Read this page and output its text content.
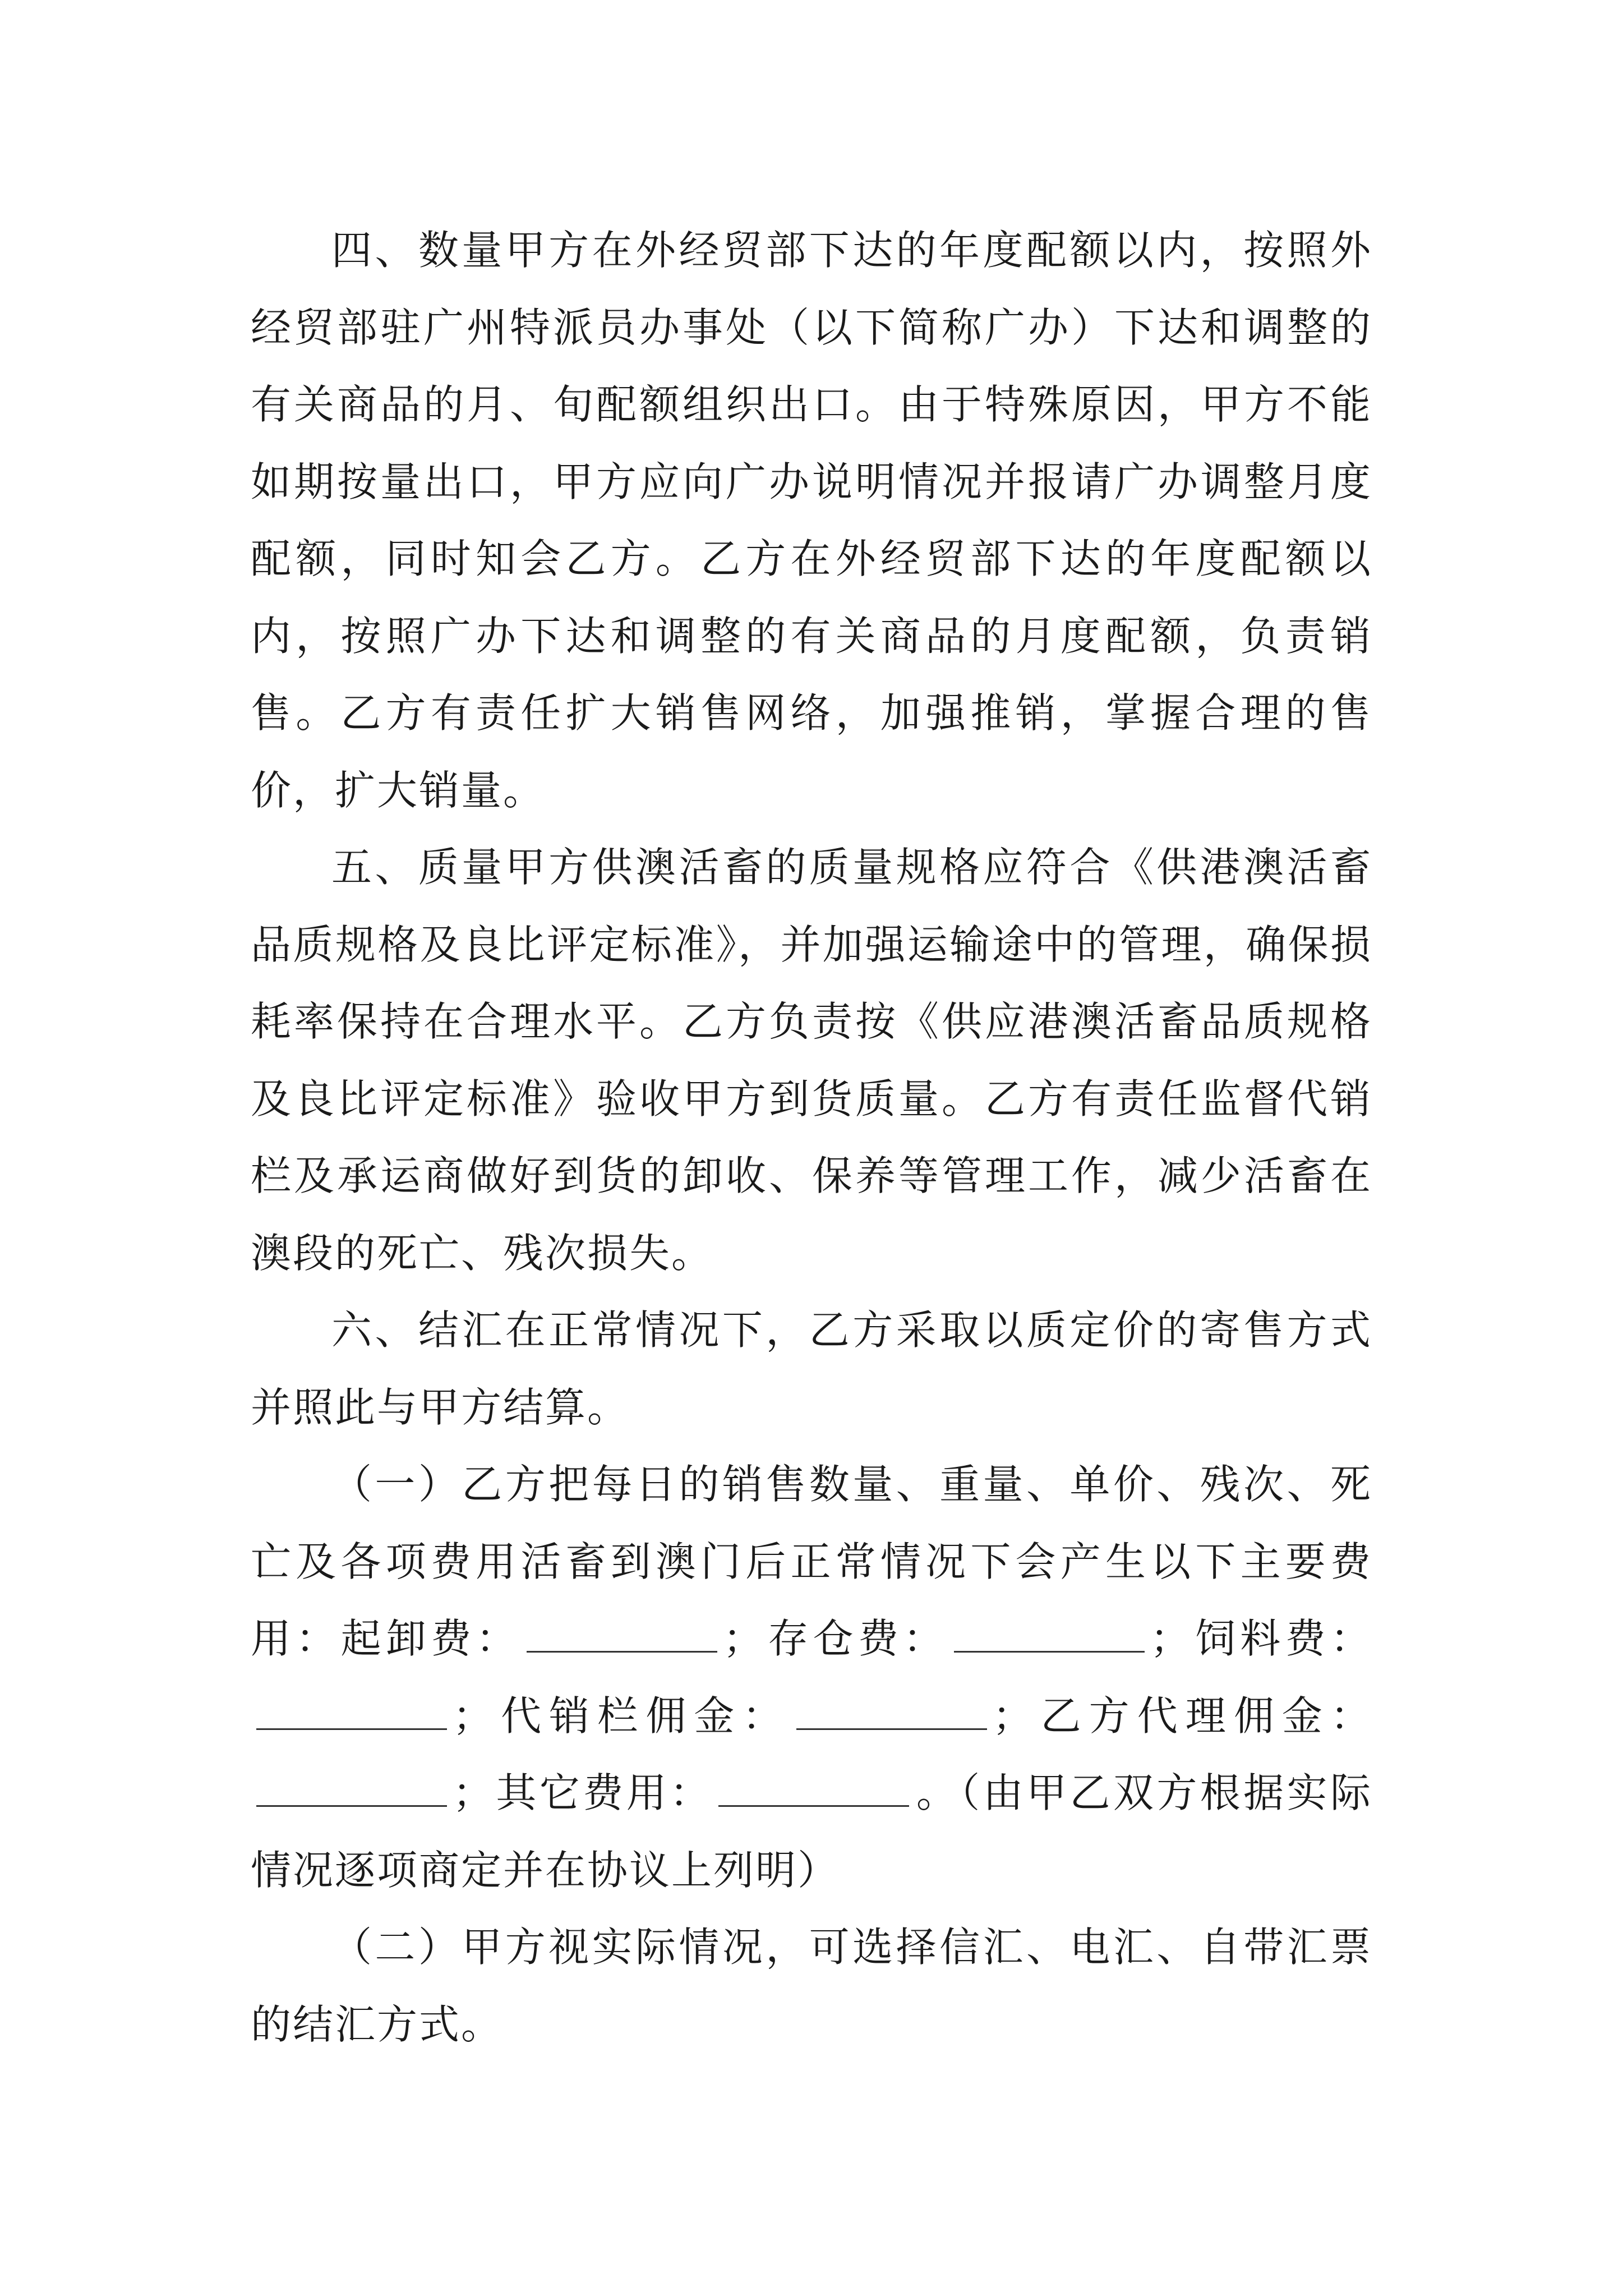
四、数量甲方在外经贸部下达的年度配额以内，按照外经贸部驻广州特派员办事处（以下简称广办）下达和调整的有关商品的月、旬配额组织出口。由于特殊原因，甲方不能如期按量出口，甲方应向广办说明情况并报请广办调整月度配额，同时知会乙方。乙方在外经贸部下达的年度配额以内，按照广办下达和调整的有关商品的月度配额，负责销售。乙方有责任扩大销售网络，加强推销，掌握合理的售价，扩大销量。

五、质量甲方供澳活畜的质量规格应符合《供港澳活畜品质规格及良比评定标准》，并加强运输途中的管理，确保损耗率保持在合理水平。乙方负责按《供应港澳活畜品质规格及良比评定标准》验收甲方到货质量。乙方有责任监督代销栏及承运商做好到货的卸收、保养等管理工作，减少活畜在澳段的死亡、残次损失。

六、结汇在正常情况下，乙方采取以质定价的寄售方式并照此与甲方结算。

（一）乙方把每日的销售数量、重量、单价、残次、死亡及各项费用活畜到澳门后正常情况下会产生以下主要费用：起卸费：	；存仓费：	；饲料费：；代销栏佣金：	；乙方代理佣金：；其它费用：	。（由甲乙双方根据实际情况逐项商定并在协议上列明）

（二）甲方视实际情况，可选择信汇、电汇、自带汇票的结汇方式。
